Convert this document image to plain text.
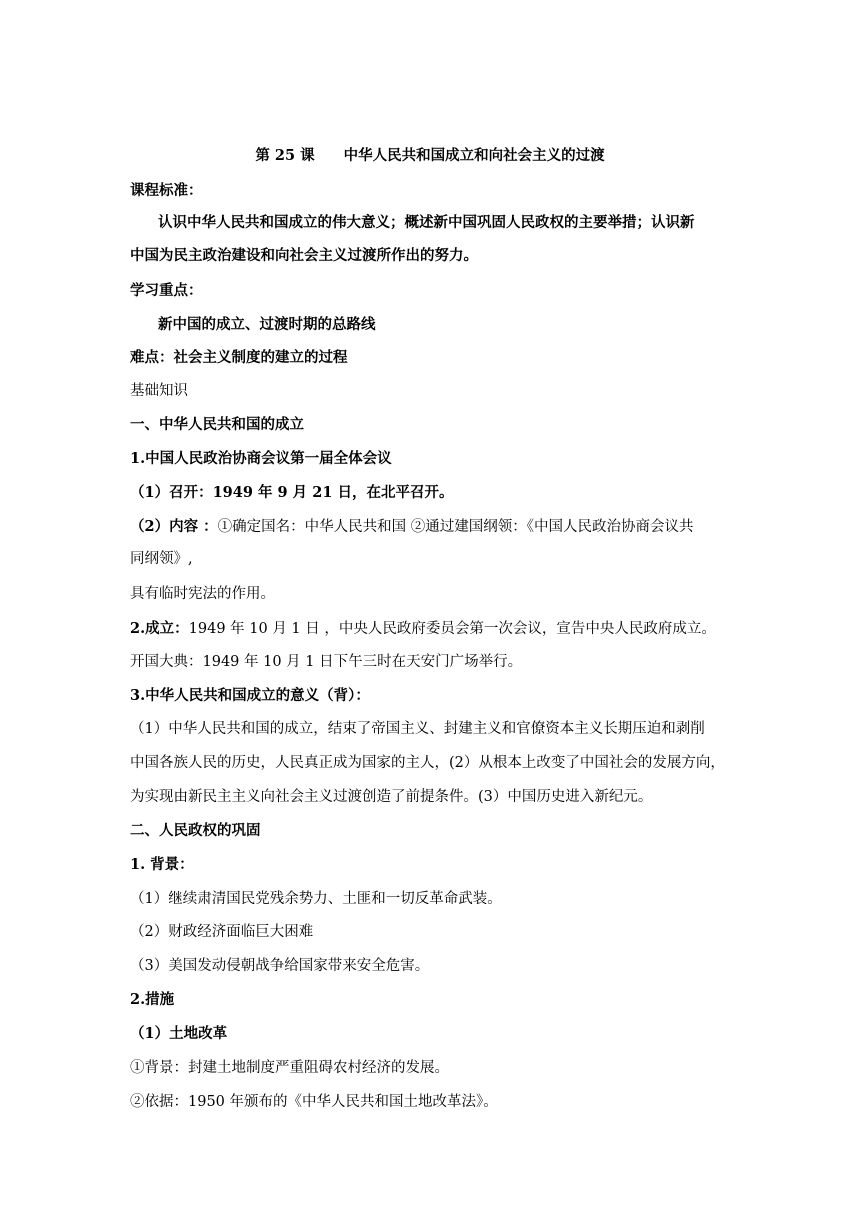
第 25 课　　中华人民共和国成立和向社会主义的过渡
课程标准：
认识中华人民共和国成立的伟大意义；概述新中国巩固人民政权的主要举措；认识新
中国为民主政治建设和向社会主义过渡所作出的努力。
学习重点：
新中国的成立、过渡时期的总路线
难点：社会主义制度的建立的过程
基础知识
一、中华人民共和国的成立
1.中国人民政治协商会议第一届全体会议
（1）召开：1949 年 9 月 21 日，在北平召开。
（2）内容 ：①确定国名：中华人民共和国 ②通过建国纲领：《中国人民政治协商会议共
同纲领》,
具有临时宪法的作用。
2.成立：1949 年 10 月 1 日 ，中央人民政府委员会第一次会议，宣告中央人民政府成立。
开国大典：1949 年 10 月 1 日下午三时在天安门广场举行。
3.中华人民共和国成立的意义（背）：
（1）中华人民共和国的成立，结束了帝国主义、封建主义和官僚资本主义长期压迫和剥削
中国各族人民的历史，人民真正成为国家的主人，(2）从根本上改变了中国社会的发展方向，
为实现由新民主主义向社会主义过渡创造了前提条件。(3）中国历史进入新纪元。
二、人民政权的巩固
1. 背景：
（1）继续肃清国民党残余势力、土匪和一切反革命武装。
（2）财政经济面临巨大困难
（3）美国发动侵朝战争给国家带来安全危害。
2.措施
（1）土地改革
①背景：封建土地制度严重阻碍农村经济的发展。
②依据：1950 年颁布的《中华人民共和国土地改革法》。
